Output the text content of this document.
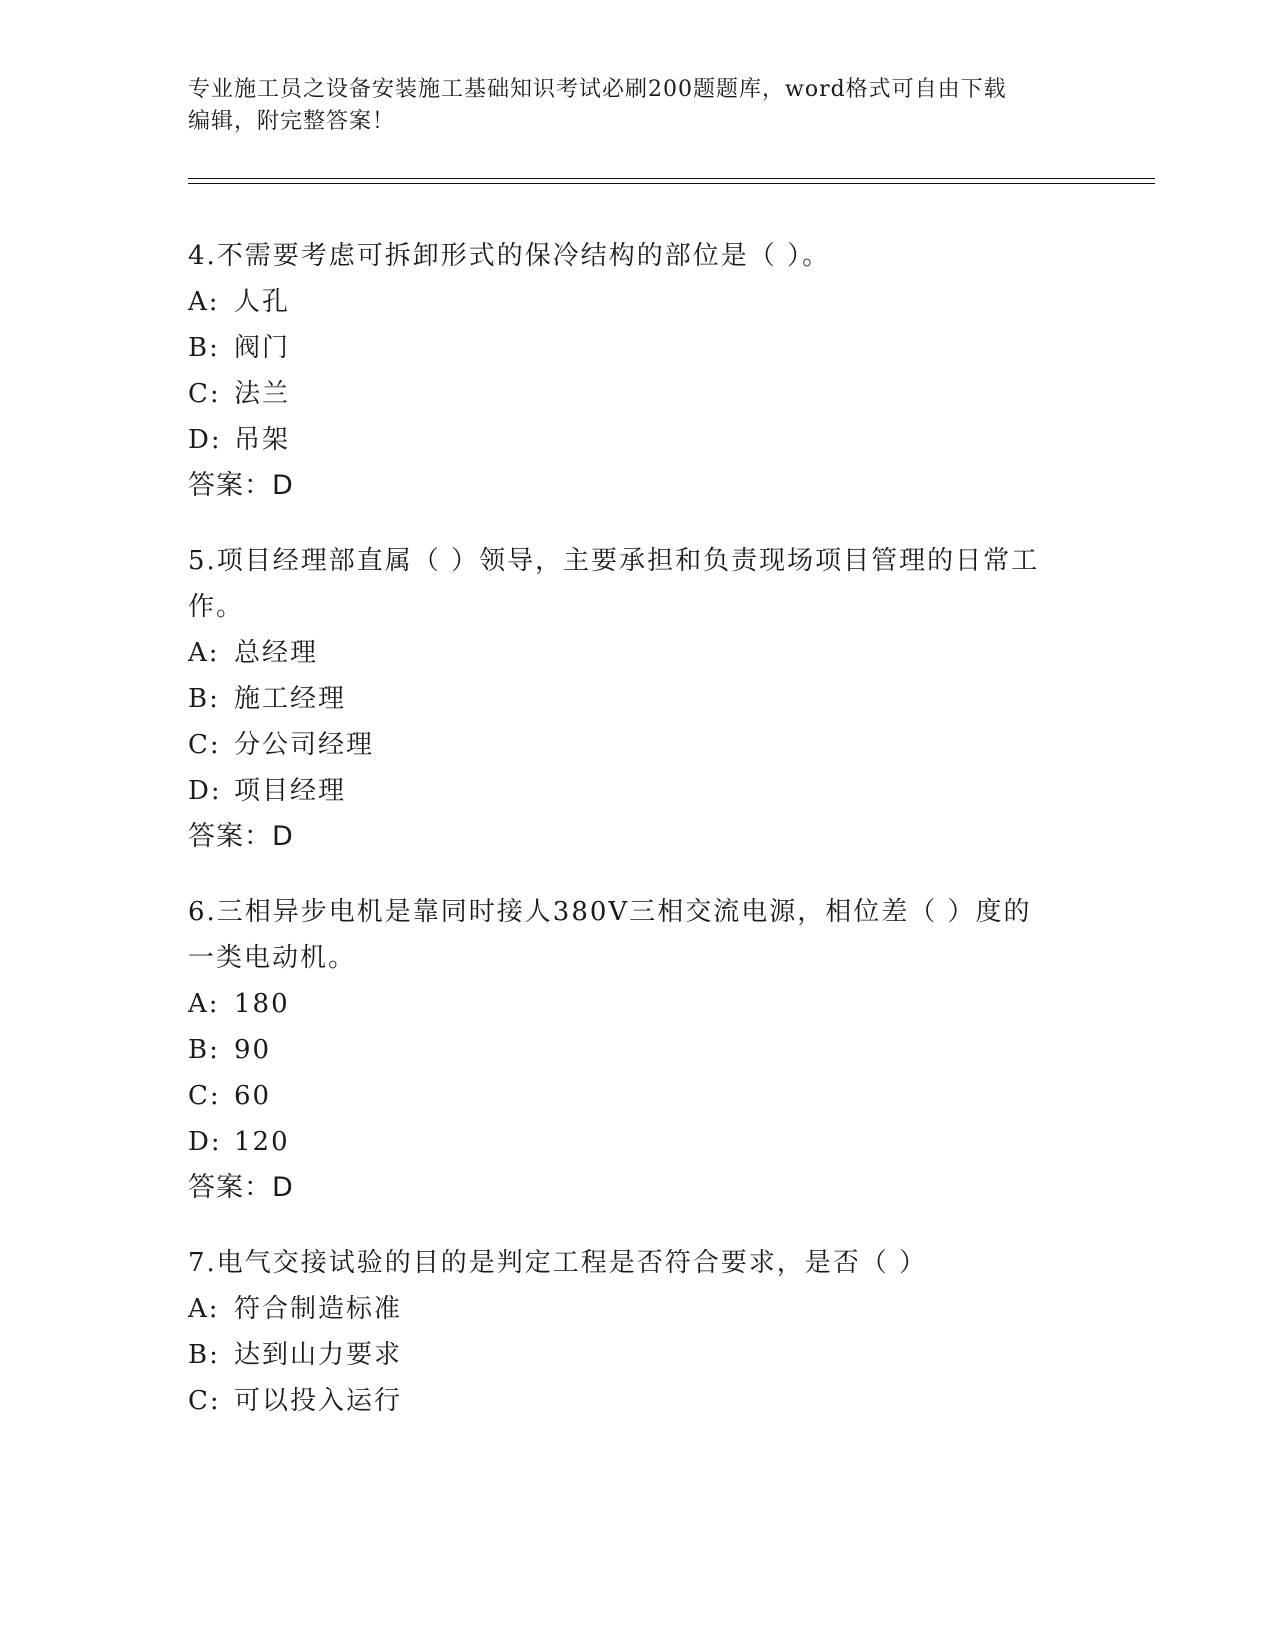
专业施工员之设备安装施工基础知识考试必刷200题题库，word格式可自由下载
编辑，附完整答案！
4.不需要考虑可拆卸形式的保冷结构的部位是（ ）。
A: 人孔
B: 阀门
C: 法兰
D: 吊架
答案：D
5.项目经理部直属（ ）领导，主要承担和负责现场项目管理的日常工
作。
A: 总经理
B: 施工经理
C: 分公司经理
D: 项目经理
答案：D
6.三相异步电机是靠同时接人380V三相交流电源，相位差（ ）度的
一类电动机。
A: 180
B: 90
C: 60
D: 120
答案：D
7.电气交接试验的目的是判定工程是否符合要求，是否（ ）
A: 符合制造标准
B: 达到山力要求
C: 可以投入运行
